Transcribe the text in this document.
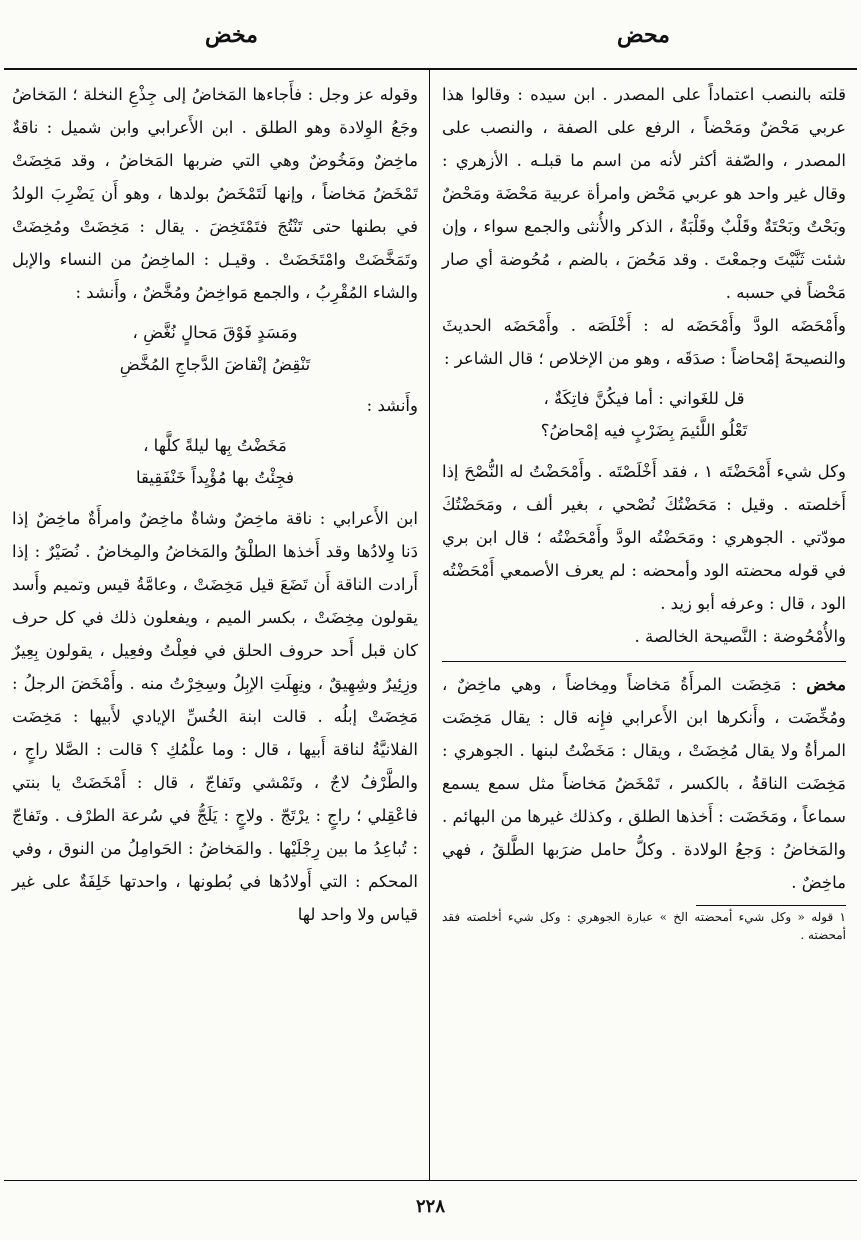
مخض	محض

قلته بالنصب اعتماداً على المصدر . ابن سيده : وقالوا هذا عربي مَحْضٌ ومَحْضاً ، الرفع على الصفة ، والنصب على المصدر ، والصّفة أكثر لأنه من اسم ما قبلـه . الأزهري : وقال غير واحد هو عربي مَحْض وامرأة عربية مَحْضَة ومَحْضٌ وبَحْتٌ وبَحْتَةٌ وقَلْبٌ وقَلْبَةٌ ، الذكر والأُنثى والجمع سواء ، وإن شئت ثَنَّيْتَ وجمعْتَ . وقد مَحُضَ ، بالضم ، مُحُوضة أي صار مَحْضاً في حسبه .

وأَمْحَضَه الودَّ وأَمْحَضَه له : أَخْلَصَه . وأَمْحَضَه الحديثَ والنصيحةَ إمْحاضاً : صدَقَه ، وهو من الإخلاص ؛ قال الشاعر :

قل للغَواني : أما فيكُنَّ فاتِكَةٌ ،
تَعْلُو اللَّئيمَ بِضَرْبٍ فيه إمْحاضُ؟

وكل شيء أَمْحَضْتَه ١ ، فقد أَخْلَصْتَه . وأَمْحَضْتُ له النُّصْحَ إذا أَخلصته . وقيل : مَحَضْتُكَ نُصْحي ، بغير ألف ، ومَحَضْتُكَ مودّتي . الجوهري : ومَحَضْتُه الودَّ وأَمْحَضْتُه ؛ قال ابن بري في قوله محضته الود وأمحضه : لم يعرف الأصمعي أَمْحَضْتُه الود ، قال : وعرفه أبو زيد .

والأُمْحُوضة : النَّصيحة الخالصة .

مخض : مَخِضَت المرأَةُ مَخاضاً ومِخاضاً ، وهي ماخِضٌ ، ومُخِّضَت ، وأَنكرها ابن الأَعرابي فإِنه قال : يقال مَخِضَت المرأةُ ولا يقال مُخِضَتْ ، ويقال : مَخَضْتُ لبنها . الجوهري : مَخِضَت الناقةُ ، بالكسر ، تَمْخَضُ مَخاضاً مثل سمع يسمع سماعاً ، ومَخَضَت : أَخذها الطلق ، وكذلك غيرها من البهائم . والمَخاضُ : وَجعُ الولادة . وكلُّ حامل ضرَبها الطَّلقُ ، فهي ماخِضٌ .

١ قوله « وكل شيء أمحضته الخ » عبارة الجوهري : وكل شيء أخلصته فقد أمحضته .

وقوله عز وجل : فأَجاءها المَخاضُ إلى جِذْعِ النخلة ؛ المَخاضُ وجَعُ الوِلادة وهو الطلق . ابن الأَعرابي وابن شميل : ناقةٌ ماخِضٌ ومَخُوضٌ وهي التي ضربها المَخاضُ ، وقد مَخِضَتْ تَمْخَضُ مَخاضاً ، وإنها لَتَمْخَضُ بولدها ، وهو أَن يَضْرِبَ الولدُ في بطنها حتى تَنْتُجَ فتَمْتَخِضَ . يقال : مَخِضَتْ ومُخِضَتْ وتَمَخَّضَتْ وامْتَخَضَتْ . وقيـل : الماخِضُ من النساء والإبل والشاء المُقْرِبُ ، والجمع مَواخِضُ ومُخَّضٌ ، وأَنشد :

ومَسَدٍ فَوْقَ مَحالٍ نُغَّضِ ،
تَنْقِضُ إنْقاضَ الدَّجاجِ المُخَّضِ

وأَنشد :

مَخَضْتُ بِها ليلةً كلَّها ،
فجِئْتُ بها مُؤْيِداً خَنْفَقِيقا

ابن الأَعرابي : ناقة ماخِضٌ وشاةٌ ماخِضٌ وامرأَةٌ ماخِضٌ إذا دَنا وِلادُها وقد أَخذها الطلْقُ والمَخاضُ والمِخاضُ . نُصَيْرٌ : إذا أَرادت الناقة أَن تَضَعَ قيل مَخِضَتْ ، وعامَّةُ قيس وتميم وأَسد يقولون مِخِضَتْ ، بكسر الميم ، ويفعلون ذلك في كل حرف كان قبل أَحد حروف الحلق في فعِلْتُ وفعِيل ، يقولون بِعِيرٌ وزِئِيرٌ وشِهِيقٌ ، ونِهِلَتِ الإبِلُ وسِخِرْتُ منه . وأَمْخَضَ الرجلُ : مَخِضَتْ إبلُه . قالت ابنة الخُسِّ الإيادي لأَبيها : مَخِضَت الفلانيَّةُ لناقة أَبيها ، قال : وما علْمُكِ ؟ قالت : الصَّلا راجٍ ، والطَّرْفُ لاجٌ ، وتَمْشي وتَفاجّ ، قال : أَمْخَضَتْ يا بنتي فاعْقِلي ؛ راجٍ : يرْتَجّ . ولاجٍ : يَلَجُّ في سُرعة الطرْف . وتَفاجّ : تُباعِدُ ما بين رِجْلَيْها . والمَخاضُ : الحَوامِلُ من النوق ، وفي المحكم : التي أَولادُها في بُطونها ، واحدتها خَلِفَةٌ على غير قياس ولا واحد لها

٢٢٨
